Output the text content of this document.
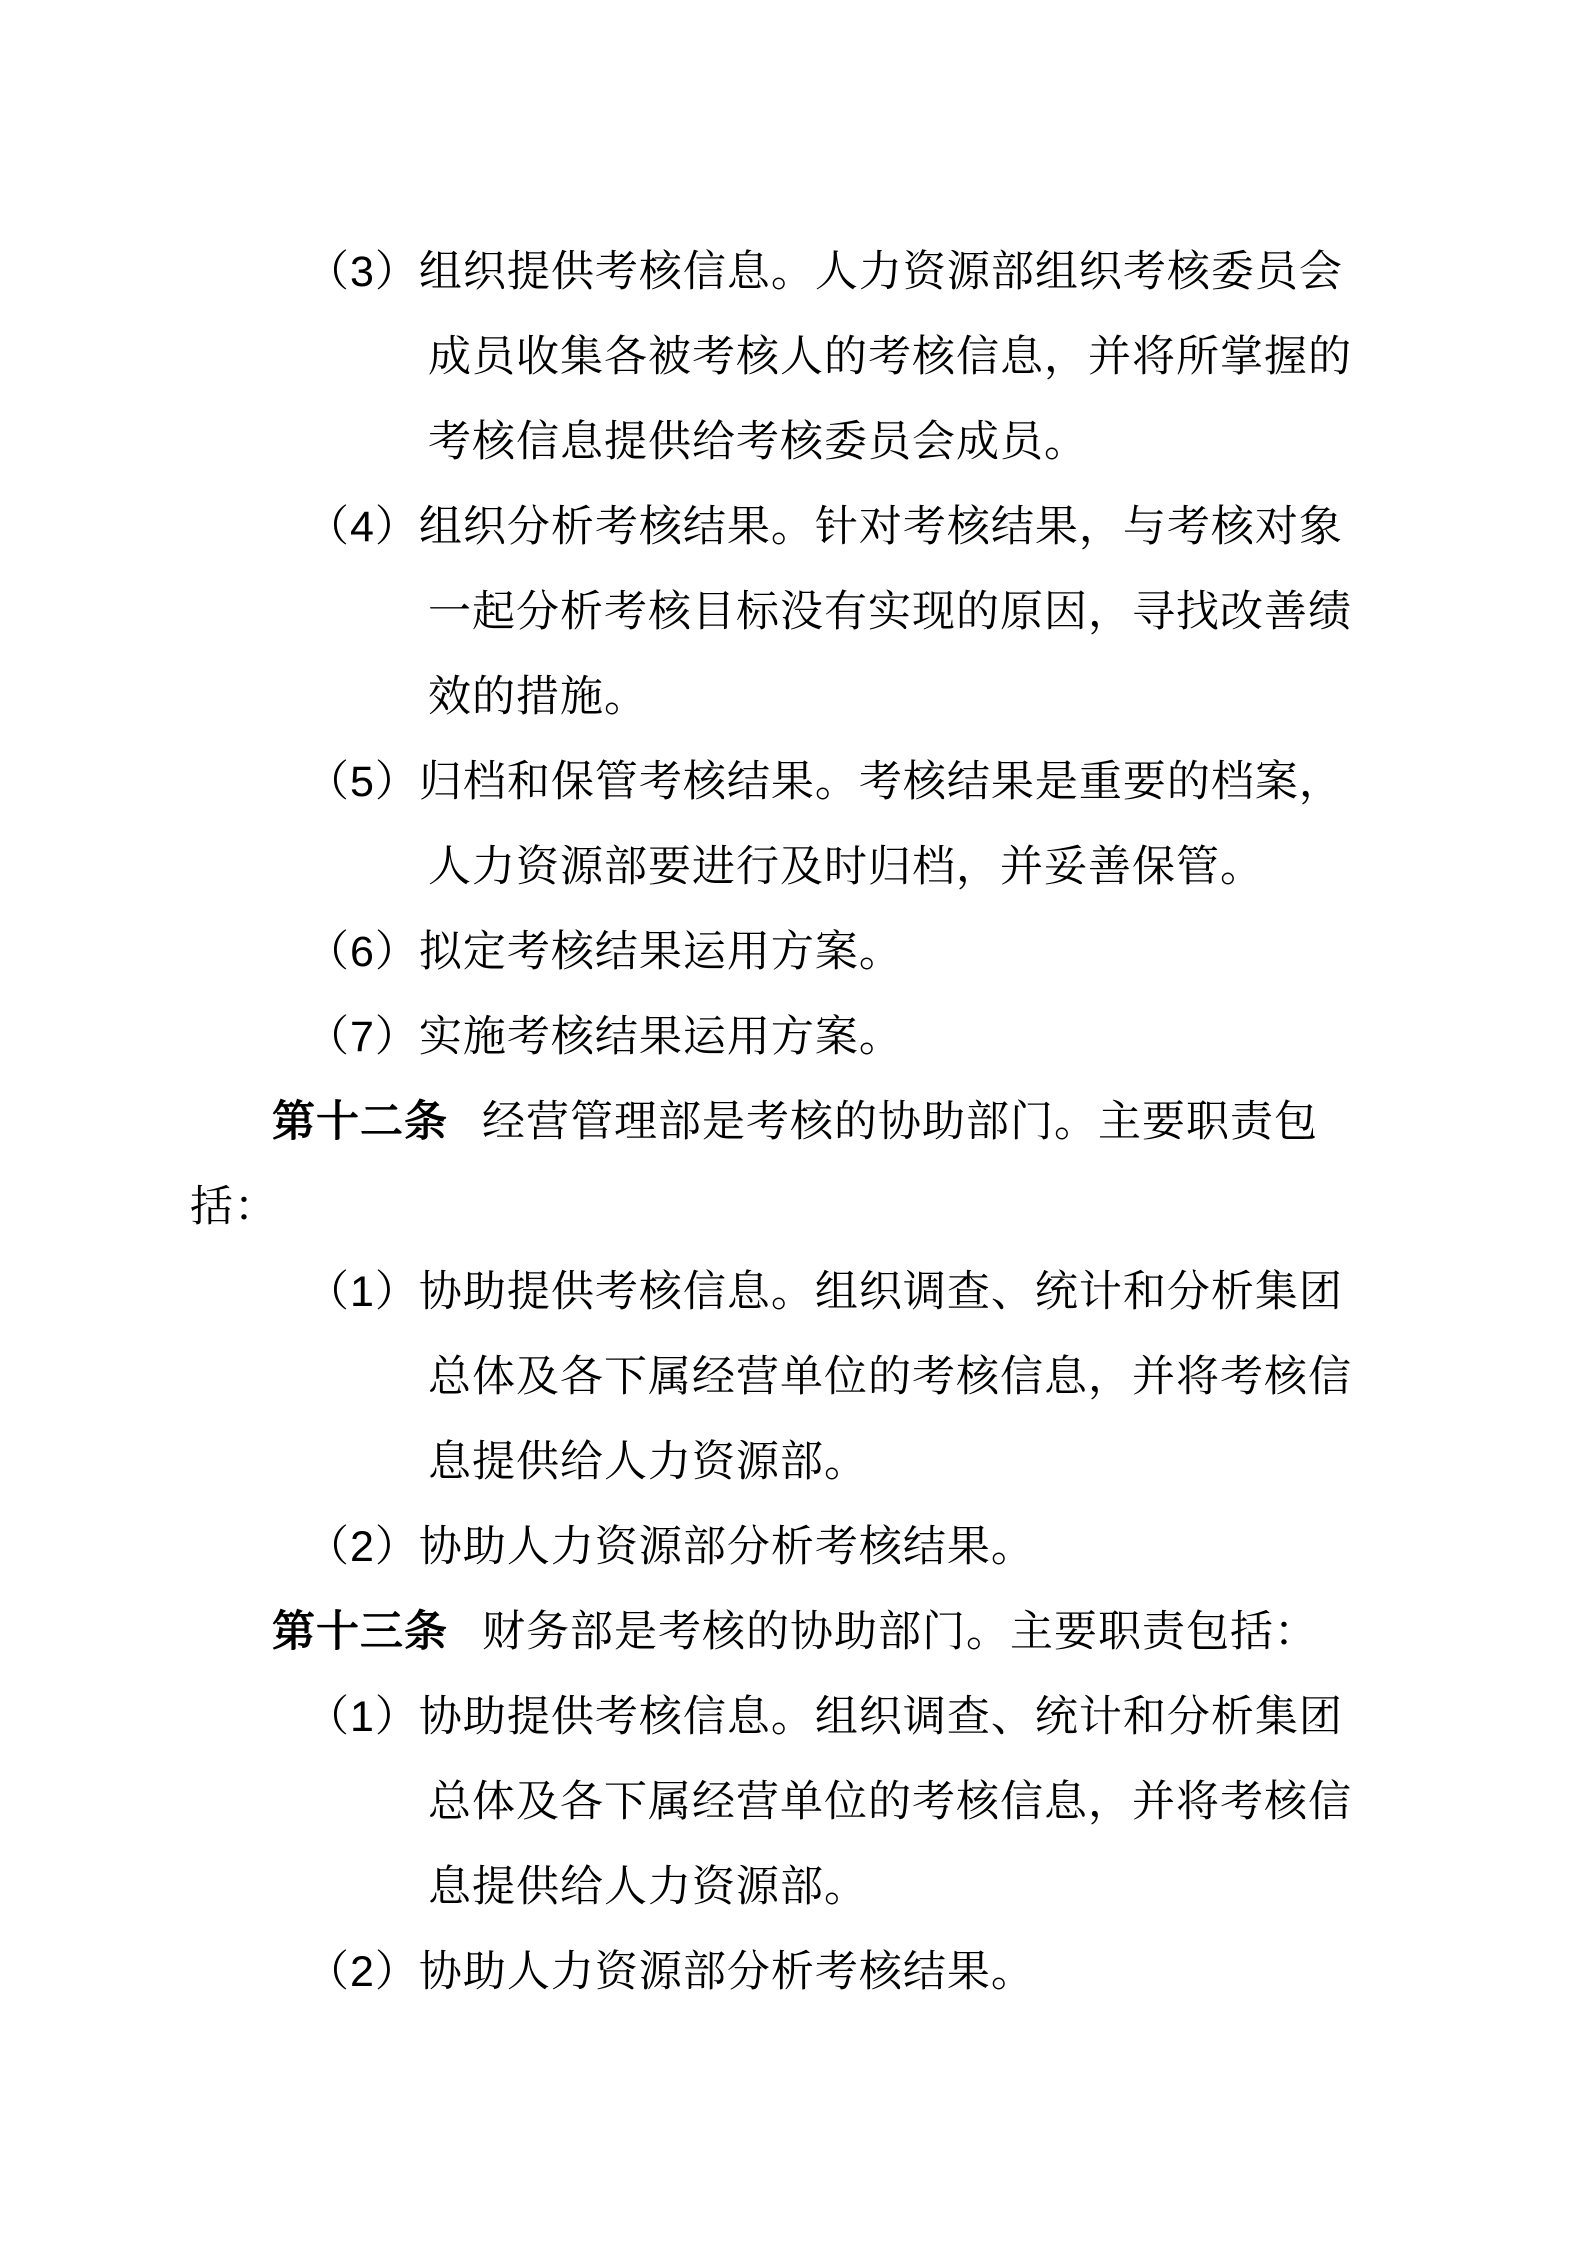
（3）组织提供考核信息。人力资源部组织考核委员会
成员收集各被考核人的考核信息，并将所掌握的
考核信息提供给考核委员会成员。
（4）组织分析考核结果。针对考核结果，与考核对象
一起分析考核目标没有实现的原因，寻找改善绩
效的措施。
（5）归档和保管考核结果。考核结果是重要的档案，
人力资源部要进行及时归档，并妥善保管。
（6）拟定考核结果运用方案。
（7）实施考核结果运用方案。
第十二条 经营管理部是考核的协助部门。主要职责包
括：
（1）协助提供考核信息。组织调查、统计和分析集团
总体及各下属经营单位的考核信息，并将考核信
息提供给人力资源部。
（2）协助人力资源部分析考核结果。
第十三条 财务部是考核的协助部门。主要职责包括：
（1）协助提供考核信息。组织调查、统计和分析集团
总体及各下属经营单位的考核信息，并将考核信
息提供给人力资源部。
（2）协助人力资源部分析考核结果。
